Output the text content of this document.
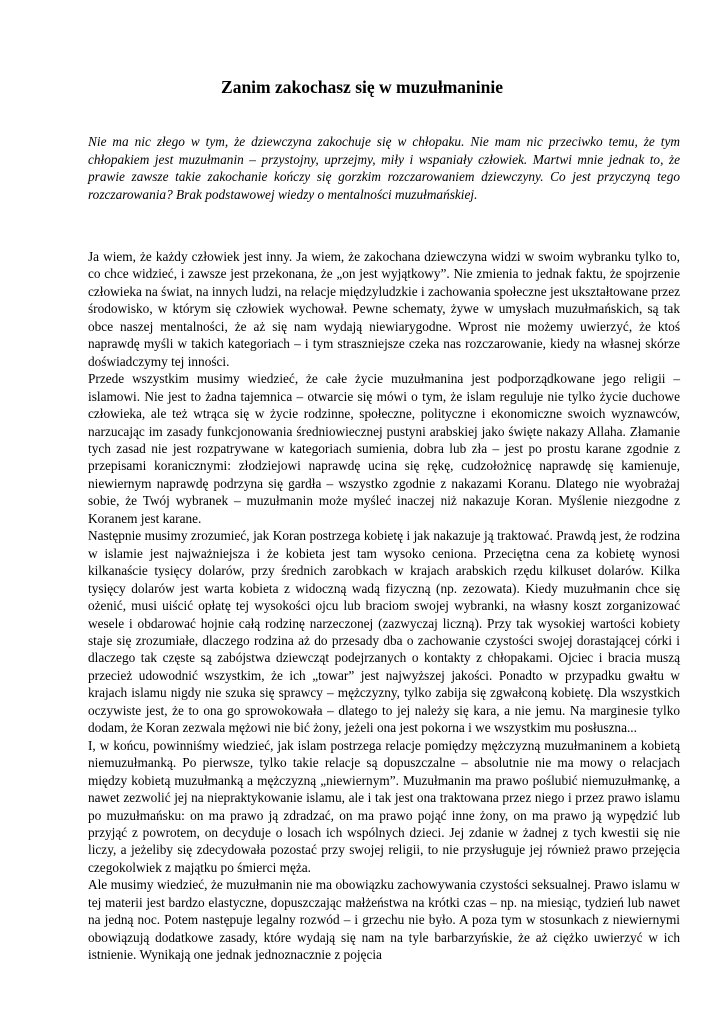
Zanim zakochasz się w muzułmaninie

Nie ma nic złego w tym, że dziewczyna zakochuje się w chłopaku. Nie mam nic przeciwko temu, że tym chłopakiem jest muzułmanin – przystojny, uprzejmy, miły i wspaniały człowiek. Martwi mnie jednak to, że prawie zawsze takie zakochanie kończy się gorzkim rozczarowaniem dziewczyny. Co jest przyczyną tego rozczarowania? Brak podstawowej wiedzy o mentalności muzułmańskiej.

Ja wiem, że każdy człowiek jest inny. Ja wiem, że zakochana dziewczyna widzi w swoim wybranku tylko to, co chce widzieć, i zawsze jest przekonana, że „on jest wyjątkowy”. Nie zmienia to jednak faktu, że spojrzenie człowieka na świat, na innych ludzi, na relacje międzyludzkie i zachowania społeczne jest ukształtowane przez środowisko, w którym się człowiek wychował. Pewne schematy, żywe w umysłach muzułmańskich, są tak obce naszej mentalności, że aż się nam wydają niewiarygodne. Wprost nie możemy uwierzyć, że ktoś naprawdę myśli w takich kategoriach – i tym straszniejsze czeka nas rozczarowanie, kiedy na własnej skórze doświadczymy tej inności.

Przede wszystkim musimy wiedzieć, że całe życie muzułmanina jest podporządkowane jego religii – islamowi. Nie jest to żadna tajemnica – otwarcie się mówi o tym, że islam reguluje nie tylko życie duchowe człowieka, ale też wtrąca się w życie rodzinne, społeczne, polityczne i ekonomiczne swoich wyznawców, narzucając im zasady funkcjonowania średniowiecznej pustyni arabskiej jako święte nakazy Allaha. Złamanie tych zasad nie jest rozpatrywane w kategoriach sumienia, dobra lub zła – jest po prostu karane zgodnie z przepisami koranicznymi: złodziejowi naprawdę ucina się rękę, cudzołożnicę naprawdę się kamienuje, niewiernym naprawdę podrzyna się gardła – wszystko zgodnie z nakazami Koranu. Dlatego nie wyobrażaj sobie, że Twój wybranek – muzułmanin może myśleć inaczej niż nakazuje Koran. Myślenie niezgodne z Koranem jest karane.

Następnie musimy zrozumieć, jak Koran postrzega kobietę i jak nakazuje ją traktować. Prawdą jest, że rodzina w islamie jest najważniejsza i że kobieta jest tam wysoko ceniona. Przeciętna cena za kobietę wynosi kilkanaście tysięcy dolarów, przy średnich zarobkach w krajach arabskich rzędu kilkuset dolarów. Kilka tysięcy dolarów jest warta kobieta z widoczną wadą fizyczną (np. zezowata). Kiedy muzułmanin chce się ożenić, musi uiścić opłatę tej wysokości ojcu lub braciom swojej wybranki, na własny koszt zorganizować wesele i obdarować hojnie całą rodzinę narzeczonej (zazwyczaj liczną). Przy tak wysokiej wartości kobiety staje się zrozumiałe, dlaczego rodzina aż do przesady dba o zachowanie czystości swojej dorastającej córki i dlaczego tak częste są zabójstwa dziewcząt podejrzanych o kontakty z chłopakami. Ojciec i bracia muszą przecież udowodnić wszystkim, że ich „towar” jest najwyższej jakości. Ponadto w przypadku gwałtu w krajach islamu nigdy nie szuka się sprawcy – mężczyzny, tylko zabija się zgwałconą kobietę. Dla wszystkich oczywiste jest, że to ona go sprowokowała – dlatego to jej należy się kara, a nie jemu. Na marginesie tylko dodam, że Koran zezwala mężowi nie bić żony, jeżeli ona jest pokorna i we wszystkim mu posłuszna...

I, w końcu, powinniśmy wiedzieć, jak islam postrzega relacje pomiędzy mężczyzną muzułmaninem a kobietą niemuzułmanką. Po pierwsze, tylko takie relacje są dopuszczalne – absolutnie nie ma mowy o relacjach między kobietą muzułmanką a mężczyzną „niewiernym”. Muzułmanin ma prawo poślubić niemuzułmankę, a nawet zezwolić jej na niepraktykowanie islamu, ale i tak jest ona traktowana przez niego i przez prawo islamu po muzułmańsku: on ma prawo ją zdradzać, on ma prawo pojąć inne żony, on ma prawo ją wypędzić lub przyjąć z powrotem, on decyduje o losach ich wspólnych dzieci. Jej zdanie w żadnej z tych kwestii się nie liczy, a jeżeliby się zdecydowała pozostać przy swojej religii, to nie przysługuje jej również prawo przejęcia czegokolwiek z majątku po śmierci męża.

Ale musimy wiedzieć, że muzułmanin nie ma obowiązku zachowywania czystości seksualnej. Prawo islamu w tej materii jest bardzo elastyczne, dopuszczając małżeństwa na krótki czas – np. na miesiąc, tydzień lub nawet na jedną noc. Potem następuje legalny rozwód – i grzechu nie było. A poza tym w stosunkach z niewiernymi obowiązują dodatkowe zasady, które wydają się nam na tyle barbarzyńskie, że aż ciężko uwierzyć w ich istnienie. Wynikają one jednak jednoznacznie z pojęcia
